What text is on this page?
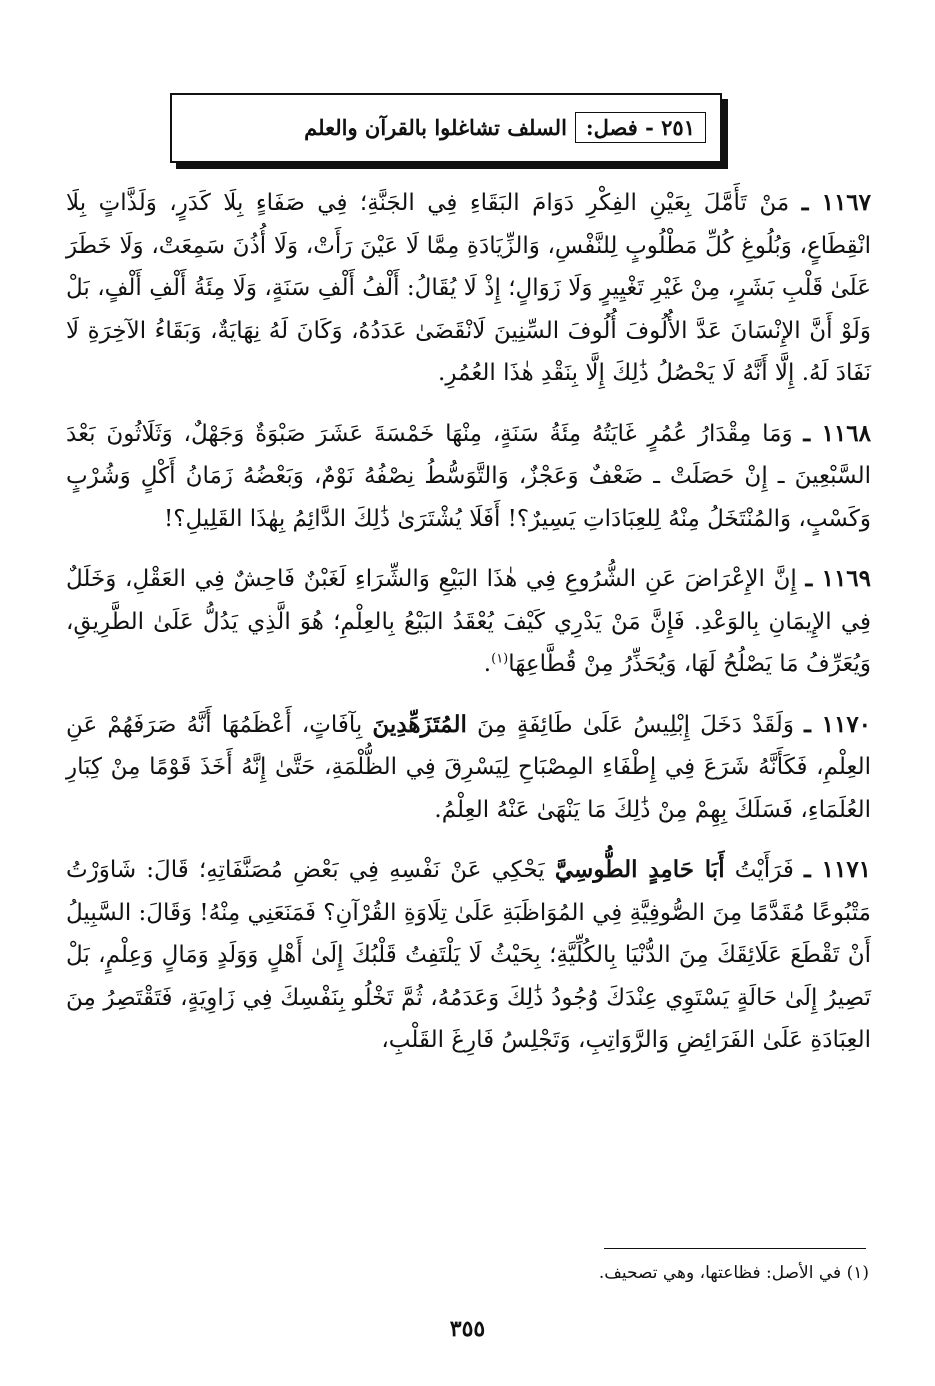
٢٥١ - فصل:
السلف تشاغلوا بالقرآن والعلم

١١٦٧ ـ مَنْ تَأَمَّلَ بِعَيْنِ الفِكْرِ دَوَامَ البَقَاءِ فِي الجَنَّةِ؛ فِي صَفَاءٍ بِلَا كَدَرٍ، وَلَذَّاتٍ بِلَا انْقِطَاعٍ، وَبُلُوغِ كُلِّ مَطْلُوبٍ لِلنَّفْسِ، وَالزِّيَادَةِ مِمَّا لَا عَيْنَ رَأَتْ، وَلَا أُذُنَ سَمِعَتْ، وَلَا خَطَرَ عَلَىٰ قَلْبِ بَشَرٍ، مِنْ غَيْرِ تَغْيِيرٍ وَلَا زَوَالٍ؛ إِذْ لَا يُقَالُ: أَلْفُ أَلْفِ سَنَةٍ، وَلَا مِئَةُ أَلْفِ أَلْفٍ، بَلْ وَلَوْ أَنَّ الإِنْسَانَ عَدَّ الأُلُوفَ أُلُوفَ السِّنِينَ لَانْقَضَىٰ عَدَدُهُ، وَكَانَ لَهُ نِهَايَةٌ، وَبَقَاءُ الآخِرَةِ لَا نَفَادَ لَهُ. إِلَّا أَنَّهُ لَا يَحْصُلُ ذَٰلِكَ إِلَّا بِنَقْدِ هٰذَا العُمُرِ.

١١٦٨ ـ وَمَا مِقْدَارُ عُمُرٍ غَايَتُهُ مِئَةُ سَنَةٍ، مِنْهَا خَمْسَةَ عَشَرَ صَبْوَةٌ وَجَهْلٌ، وَثَلَاثُونَ بَعْدَ السَّبْعِينَ ـ إِنْ حَصَلَتْ ـ ضَعْفٌ وَعَجْزٌ، وَالتَّوَسُّطُ نِصْفُهُ نَوْمٌ، وَبَعْضُهُ زَمَانُ أَكْلٍ وَشُرْبٍ وَكَسْبٍ، وَالمُنْتَخَلُ مِنْهُ لِلعِبَادَاتِ يَسِيرٌ؟! أَفَلَا يُشْتَرَىٰ ذَٰلِكَ الدَّائِمُ بِهٰذَا القَلِيلِ؟!

١١٦٩ ـ إِنَّ الإِعْرَاضَ عَنِ الشُّرُوعِ فِي هٰذَا البَيْعِ وَالشِّرَاءِ لَغَبْنٌ فَاحِشٌ فِي العَقْلِ، وَخَلَلٌ فِي الإِيمَانِ بِالوَعْدِ. فَإِنَّ مَنْ يَدْرِي كَيْفَ يُعْقَدُ البَيْعُ بِالعِلْمِ؛ هُوَ الَّذِي يَدُلُّ عَلَىٰ الطَّرِيقِ، وَيُعَرِّفُ مَا يَصْلُحُ لَهَا، وَيُحَذِّرُ مِنْ قُطَّاعِهَا$^{(١)}$.

١١٧٠ ـ وَلَقَدْ دَخَلَ إِبْلِيسُ عَلَىٰ طَائِفَةٍ مِنَ المُتَزَهِّدِينَ بِآفَاتٍ، أَعْظَمُهَا أَنَّهُ صَرَفَهُمْ عَنِ العِلْمِ، فَكَأَنَّهُ شَرَعَ فِي إِطْفَاءِ المِصْبَاحِ لِيَسْرِقَ فِي الظُّلْمَةِ، حَتَّىٰ إِنَّهُ أَخَذَ قَوْمًا مِنْ كِبَارِ العُلَمَاءِ، فَسَلَكَ بِهِمْ مِنْ ذَٰلِكَ مَا يَنْهَىٰ عَنْهُ العِلْمُ.

١١٧١ ـ فَرَأَيْتُ أَبَا حَامِدٍ الطُّوسِيَّ يَحْكِي عَنْ نَفْسِهِ فِي بَعْضِ مُصَنَّفَاتِهِ؛ قَالَ: شَاوَرْتُ مَتْبُوعًا مُقَدَّمًا مِنَ الصُّوفِيَّةِ فِي المُوَاظَبَةِ عَلَىٰ تِلَاوَةِ القُرْآنِ؟ فَمَنَعَنِي مِنْهُ! وَقَالَ: السَّبِيلُ أَنْ تَقْطَعَ عَلَائِقَكَ مِنَ الدُّنْيَا بِالكُلِّيَّةِ؛ بِحَيْثُ لَا يَلْتَفِتُ قَلْبُكَ إِلَىٰ أَهْلٍ وَوَلَدٍ وَمَالٍ وَعِلْمٍ، بَلْ تَصِيرُ إِلَىٰ حَالَةٍ يَسْتَوِي عِنْدَكَ وُجُودُ ذَٰلِكَ وَعَدَمُهُ، ثُمَّ تَخْلُو بِنَفْسِكَ فِي زَاوِيَةٍ، فَتَقْتَصِرُ مِنَ العِبَادَةِ عَلَىٰ الفَرَائِضِ وَالرَّوَاتِبِ، وَتَجْلِسُ فَارِغَ القَلْبِ،

(١) في الأصل: فظاعتها، وهي تصحيف.
٣٥٥
